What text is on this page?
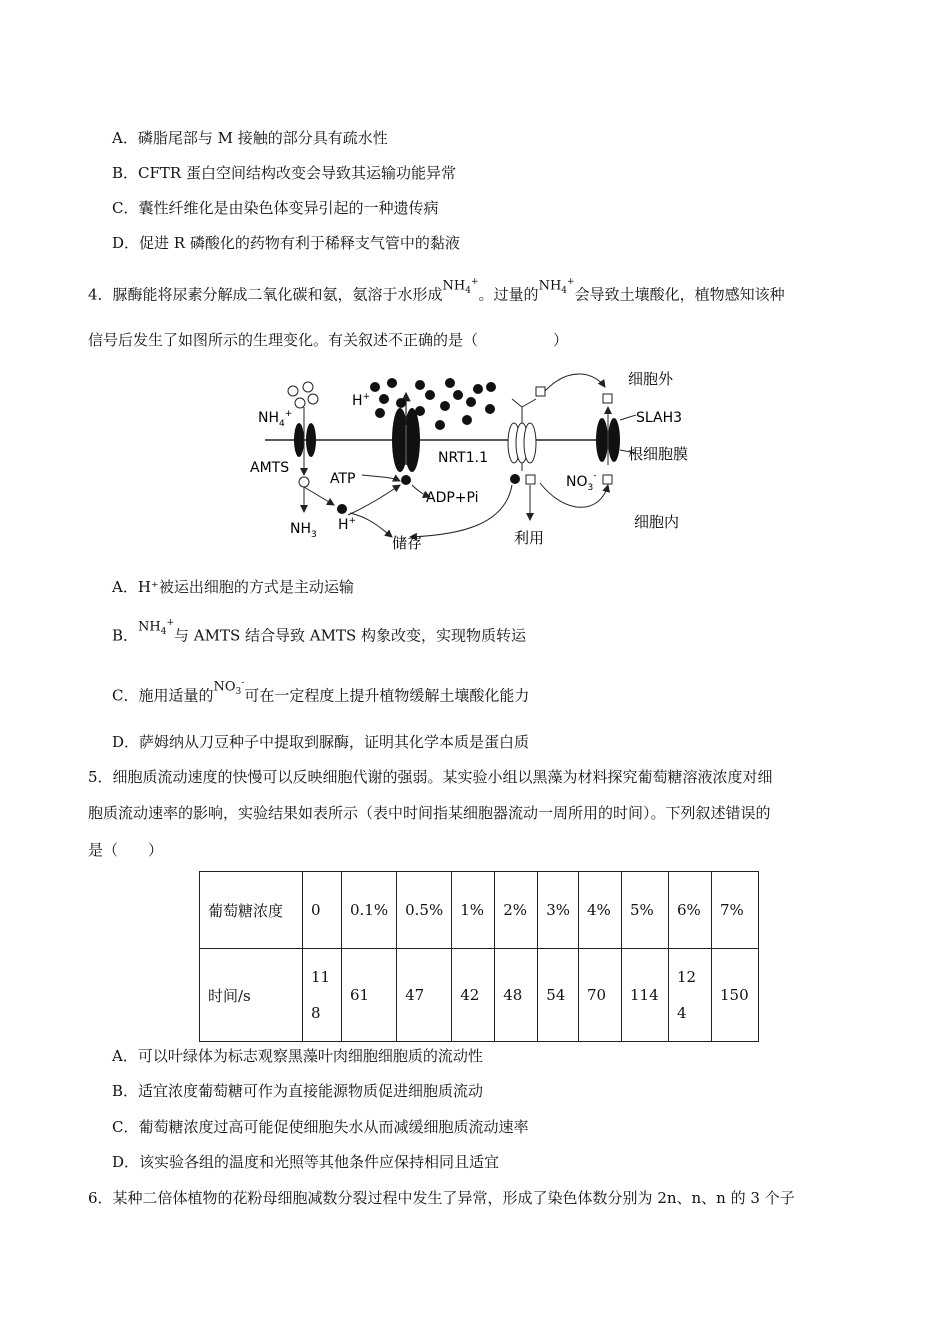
A．磷脂尾部与 M 接触的部分具有疏水性
B．CFTR 蛋白空间结构改变会导致其运输功能异常
C．囊性纤维化是由染色体变异引起的一种遗传病
D．促进 R 磷酸化的药物有利于稀释支气管中的黏液
4．脲酶能将尿素分解成二氧化碳和氨，氨溶于水形成$NH_4^+$。过量的$NH_4^+$会导致土壤酸化，植物感知该种
信号后发生了如图所示的生理变化。有关叙述不正确的是（　　　　　）
$NH_4^+$
AMTS
$NH_3$
H+
H+
ATP
ADP+Pi
NRT1.1
储存	利用
$NO_3^-$
细胞外
SLAH3
根细胞膜
细胞内
A．H⁺被运出细胞的方式是主动运输
B．$NH_4^+$与 AMTS 结合导致 AMTS 构象改变，实现物质转运
C．施用适量的$NO_3^-$可在一定程度上提升植物缓解土壤酸化能力
D．萨姆纳从刀豆种子中提取到脲酶，证明其化学本质是蛋白质
5．细胞质流动速度的快慢可以反映细胞代谢的强弱。某实验小组以黑藻为材料探究葡萄糖溶液浓度对细
胞质流动速率的影响，实验结果如表所示（表中时间指某细胞器流动一周所用的时间）。下列叙述错误的
是（　　）
葡萄糖浓度	0	0.1%	0.5%	1%	2%	3%	4%	5%	6%	7%
时间/s	118	61	47	42	48	54	70	114	124	150
A．可以叶绿体为标志观察黑藻叶肉细胞细胞质的流动性
B．适宜浓度葡萄糖可作为直接能源物质促进细胞质流动
C．葡萄糖浓度过高可能促使细胞失水从而减缓细胞质流动速率
D．该实验各组的温度和光照等其他条件应保持相同且适宜
6．某种二倍体植物的花粉母细胞减数分裂过程中发生了异常，形成了染色体数分别为 2n、n、n 的 3 个子
